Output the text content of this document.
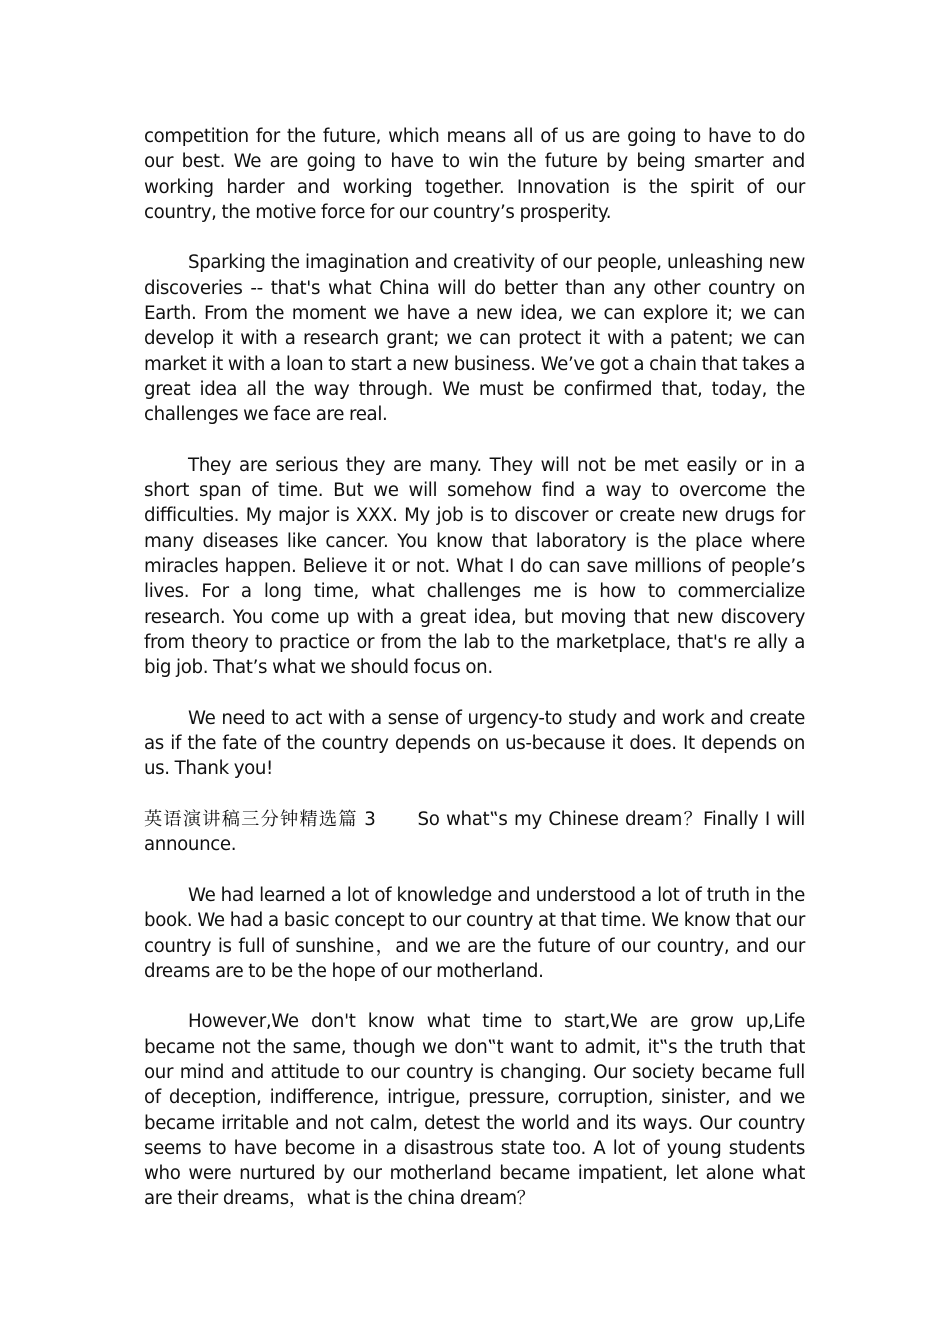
competition for the future, which means all of us are going to have to do our best. We are going to have to win the future by being smarter and working harder and working together. Innovation is the spirit of our country, the motive force for our country’s prosperity.

Sparking the imagination and creativity of our people, unleashing new discoveries -- that's what China will do better than any other country on Earth. From the moment we have a new idea, we can explore it; we can develop it with a research grant; we can protect it with a patent; we can market it with a loan to start a new business. We’ve got a chain that takes a great idea all the way through. We must be confirmed that, today, the challenges we face are real.

They are serious they are many. They will not be met easily or in a short span of time. But we will somehow find a way to overcome the difficulties. My major is XXX. My job is to discover or create new drugs for many diseases like cancer. You know that laboratory is the place where miracles happen. Believe it or not. What I do can save millions of people’s lives. For a long time, what challenges me is how to commercialize research. You come up with a great idea, but moving that new discovery from theory to practice or from the lab to the marketplace, that's re ally a big job. That’s what we should focus on.

We need to act with a sense of urgency-to study and work and create as if the fate of the country depends on us-because it does. It depends on us. Thank you!

英语演讲稿三分钟精选篇 3 So what‟s my Chinese dream？Finally I will announce.

We had learned a lot of knowledge and understood a lot of truth in the book. We had a basic concept to our country at that time. We know that our country is full of sunshine，and we are the future of our country, and our dreams are to be the hope of our motherland.

However,We don't know what time to start,We are grow up,Life became not the same, though we don‟t want to admit, it‟s the truth that our mind and attitude to our country is changing. Our society became full of deception, indifference, intrigue, pressure, corruption, sinister, and we became irritable and not calm, detest the world and its ways. Our country seems to have become in a disastrous state too. A lot of young students who were nurtured by our motherland became impatient, let alone what are their dreams，what is the china dream？
